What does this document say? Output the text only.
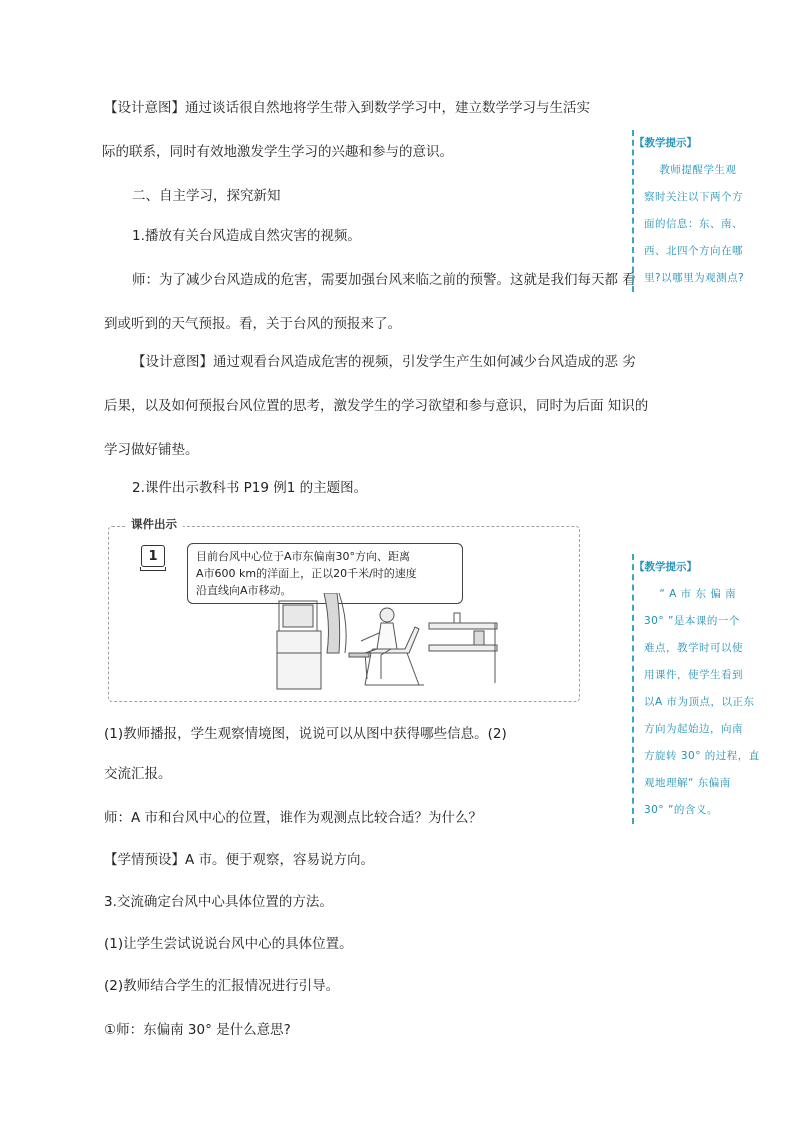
【设计意图】通过谈话很自然地将学生带入到数学学习中，建立数学学习与生活实
际的联系，同时有效地激发学生学习的兴趣和参与的意识。
二、自主学习，探究新知
1.播放有关台风造成自然灾害的视频。
师：为了减少台风造成的危害，需要加强台风来临之前的预警。这就是我们每天都 看
到或听到的天气预报。看，关于台风的预报来了。
【设计意图】通过观看台风造成危害的视频，引发学生产生如何减少台风造成的恶 劣
后果，以及如何预报台风位置的思考，激发学生的学习欲望和参与意识，同时为后面 知识的
学习做好铺垫。
2.课件出示教科书 P19 例1 的主题图。
课件出示
1	目前台风中心位于A市东偏南30°方向、距离
A市600 km的洋面上，正以20千米/时的速度
沿直线向A市移动。
(1)教师播报，学生观察情境图，说说可以从图中获得哪些信息。(2)
交流汇报。
师：A 市和台风中心的位置，谁作为观测点比较合适？为什么？
【学情预设】A 市。便于观察，容易说方向。
3.交流确定台风中心具体位置的方法。
(1)让学生尝试说说台风中心的具体位置。
(2)教师结合学生的汇报情况进行引导。
①师：东偏南 30° 是什么意思?
【教学提示】
教师提醒学生观
察时关注以下两个方
面的信息：东、南、
西、北四个方向在哪
里?以哪里为观测点?
【教学提示】
“ A 市 东 偏 南
30° ”是本课的一个
难点，教学时可以使
用课件，使学生看到
以A 市为顶点，以正东
方向为起始边，向南
方旋转 30° 的过程，直
观地理解“ 东偏南
30° ”的含义。
